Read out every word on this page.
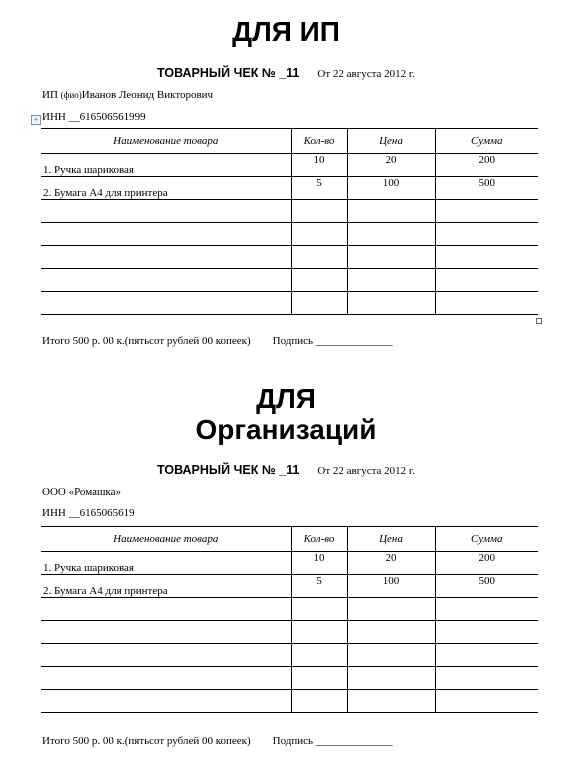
ДЛЯ ИП
ТОВАРНЫЙ ЧЕК № _11 От 22 августа 2012 г.
ИП (фио)Иванов Леонид Викторович
+ ИНН __616506561999
Наименование товара	Кол-во	Цена	Сумма
1. Ручка шариковая	10	20	200
2. Бумага А4 для принтера	5	100	500

Итого 500 р. 00 к.(пятьсот рублей 00 копеек) Подпись ______________
ДЛЯ
Организаций
ТОВАРНЫЙ ЧЕК № _11 От 22 августа 2012 г.
ООО «Ромашка»
ИНН __6165065619
Наименование товара	Кол-во	Цена	Сумма
1. Ручка шариковая	10	20	200
2. Бумага А4 для принтера	5	100	500

Итого 500 р. 00 к.(пятьсот рублей 00 копеек) Подпись ______________
